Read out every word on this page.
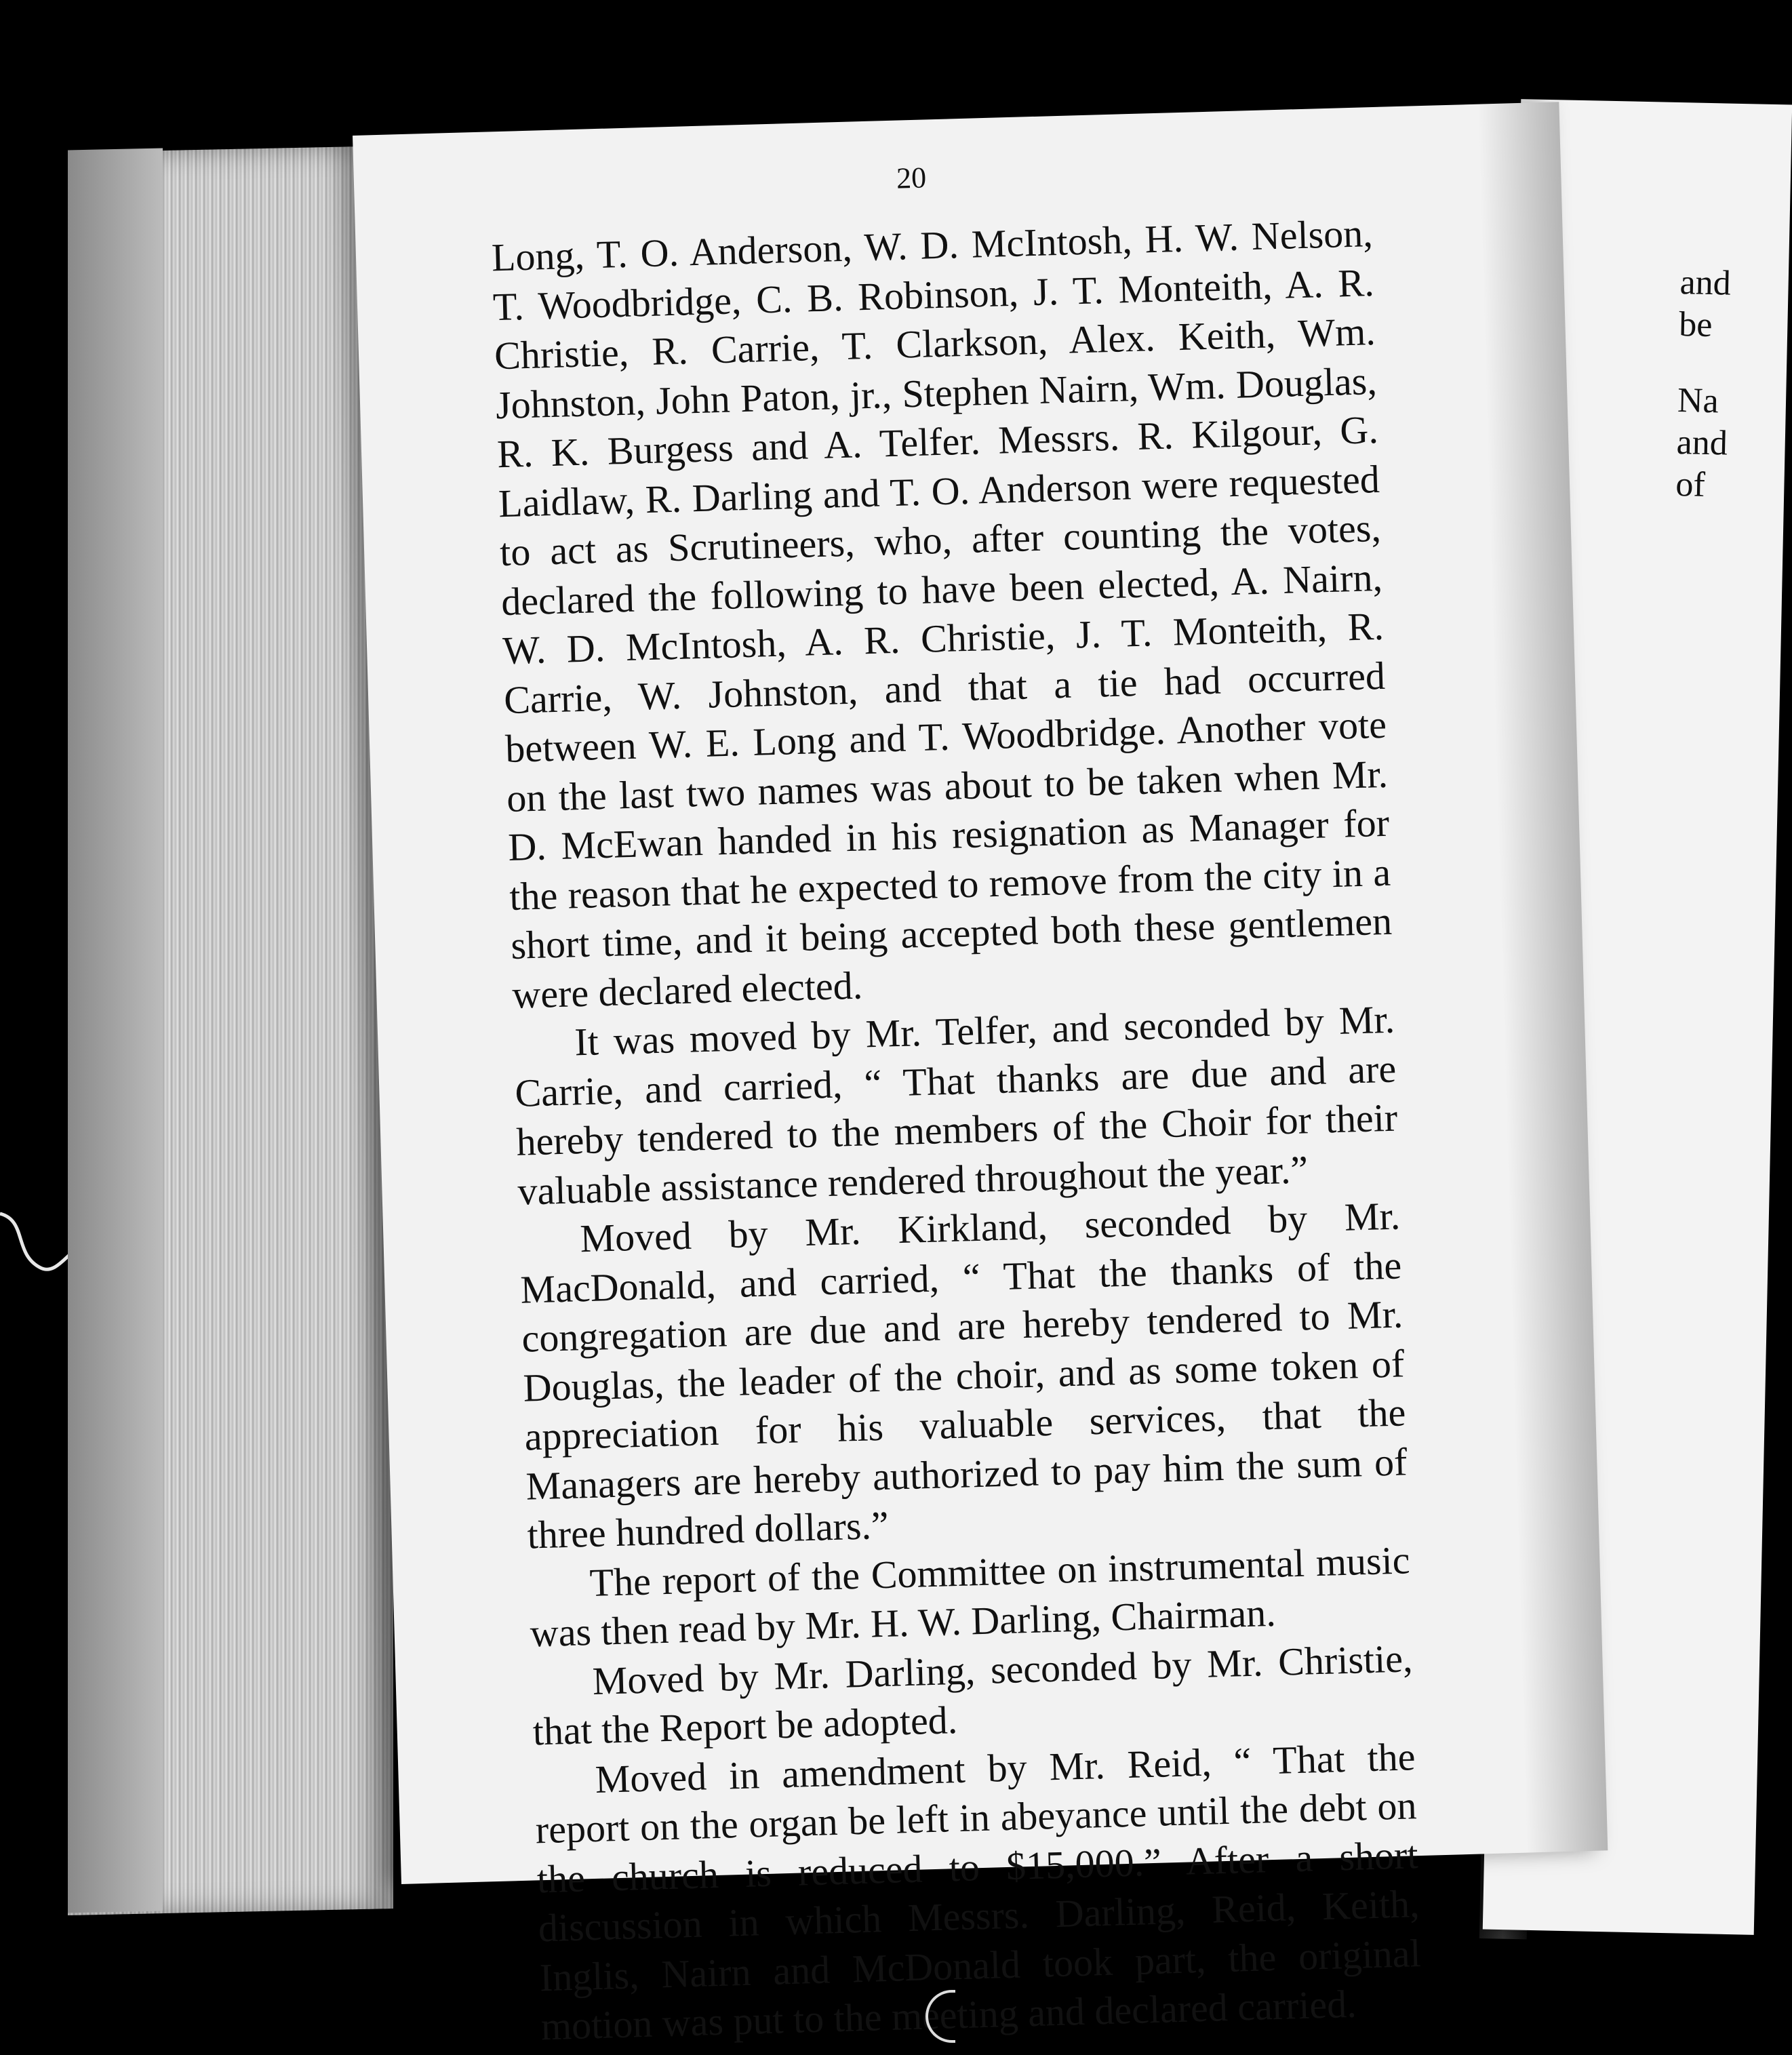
and
be
Na
and
of
20

Long, T. O. Anderson, W. D. McIntosh, H. W. Nelson, T. Woodbridge, C. B. Robinson, J. T. Monteith, A. R. Christie, R. Carrie, T. Clarkson, Alex. Keith, Wm. Johnston, John Paton, jr., Stephen Nairn, Wm. Douglas, R. K. Burgess and A. Telfer. Messrs. R. Kilgour, G. Laidlaw, R. Darling and T. O. Anderson were requested to act as Scrutineers, who, after counting the votes, declared the following to have been elected, A. Nairn, W. D. McIntosh, A. R. Christie, J. T. Monteith, R. Carrie, W. Johnston, and that a tie had occurred between W. E. Long and T. Woodbridge. Another vote on the last two names was about to be taken when Mr. D. McEwan handed in his resignation as Manager for the reason that he expected to remove from the city in a short time, and it being accepted both these gentlemen were declared elected.

It was moved by Mr. Telfer, and seconded by Mr. Carrie, and carried, “ That thanks are due and are hereby tendered to the members of the Choir for their valuable assistance rendered throughout the year.”

Moved by Mr. Kirkland, seconded by Mr. MacDonald, and carried, “ That the thanks of the congregation are due and are hereby tendered to Mr. Douglas, the leader of the choir, and as some token of appreciation for his valuable services, that the Managers are hereby authorized to pay him the sum of three hundred dollars.”

The report of the Committee on instrumental music was then read by Mr. H. W. Darling, Chairman.

Moved by Mr. Darling, seconded by Mr. Christie, that the Report be adopted.

Moved in amendment by Mr. Reid, “ That the report on the organ be left in abeyance until the debt on the church is reduced to $15,000.” After a short discussion in which Messrs. Darling, Reid, Keith, Inglis, Nairn and McDonald took part, the original motion was put to the meeting and declared carried.
